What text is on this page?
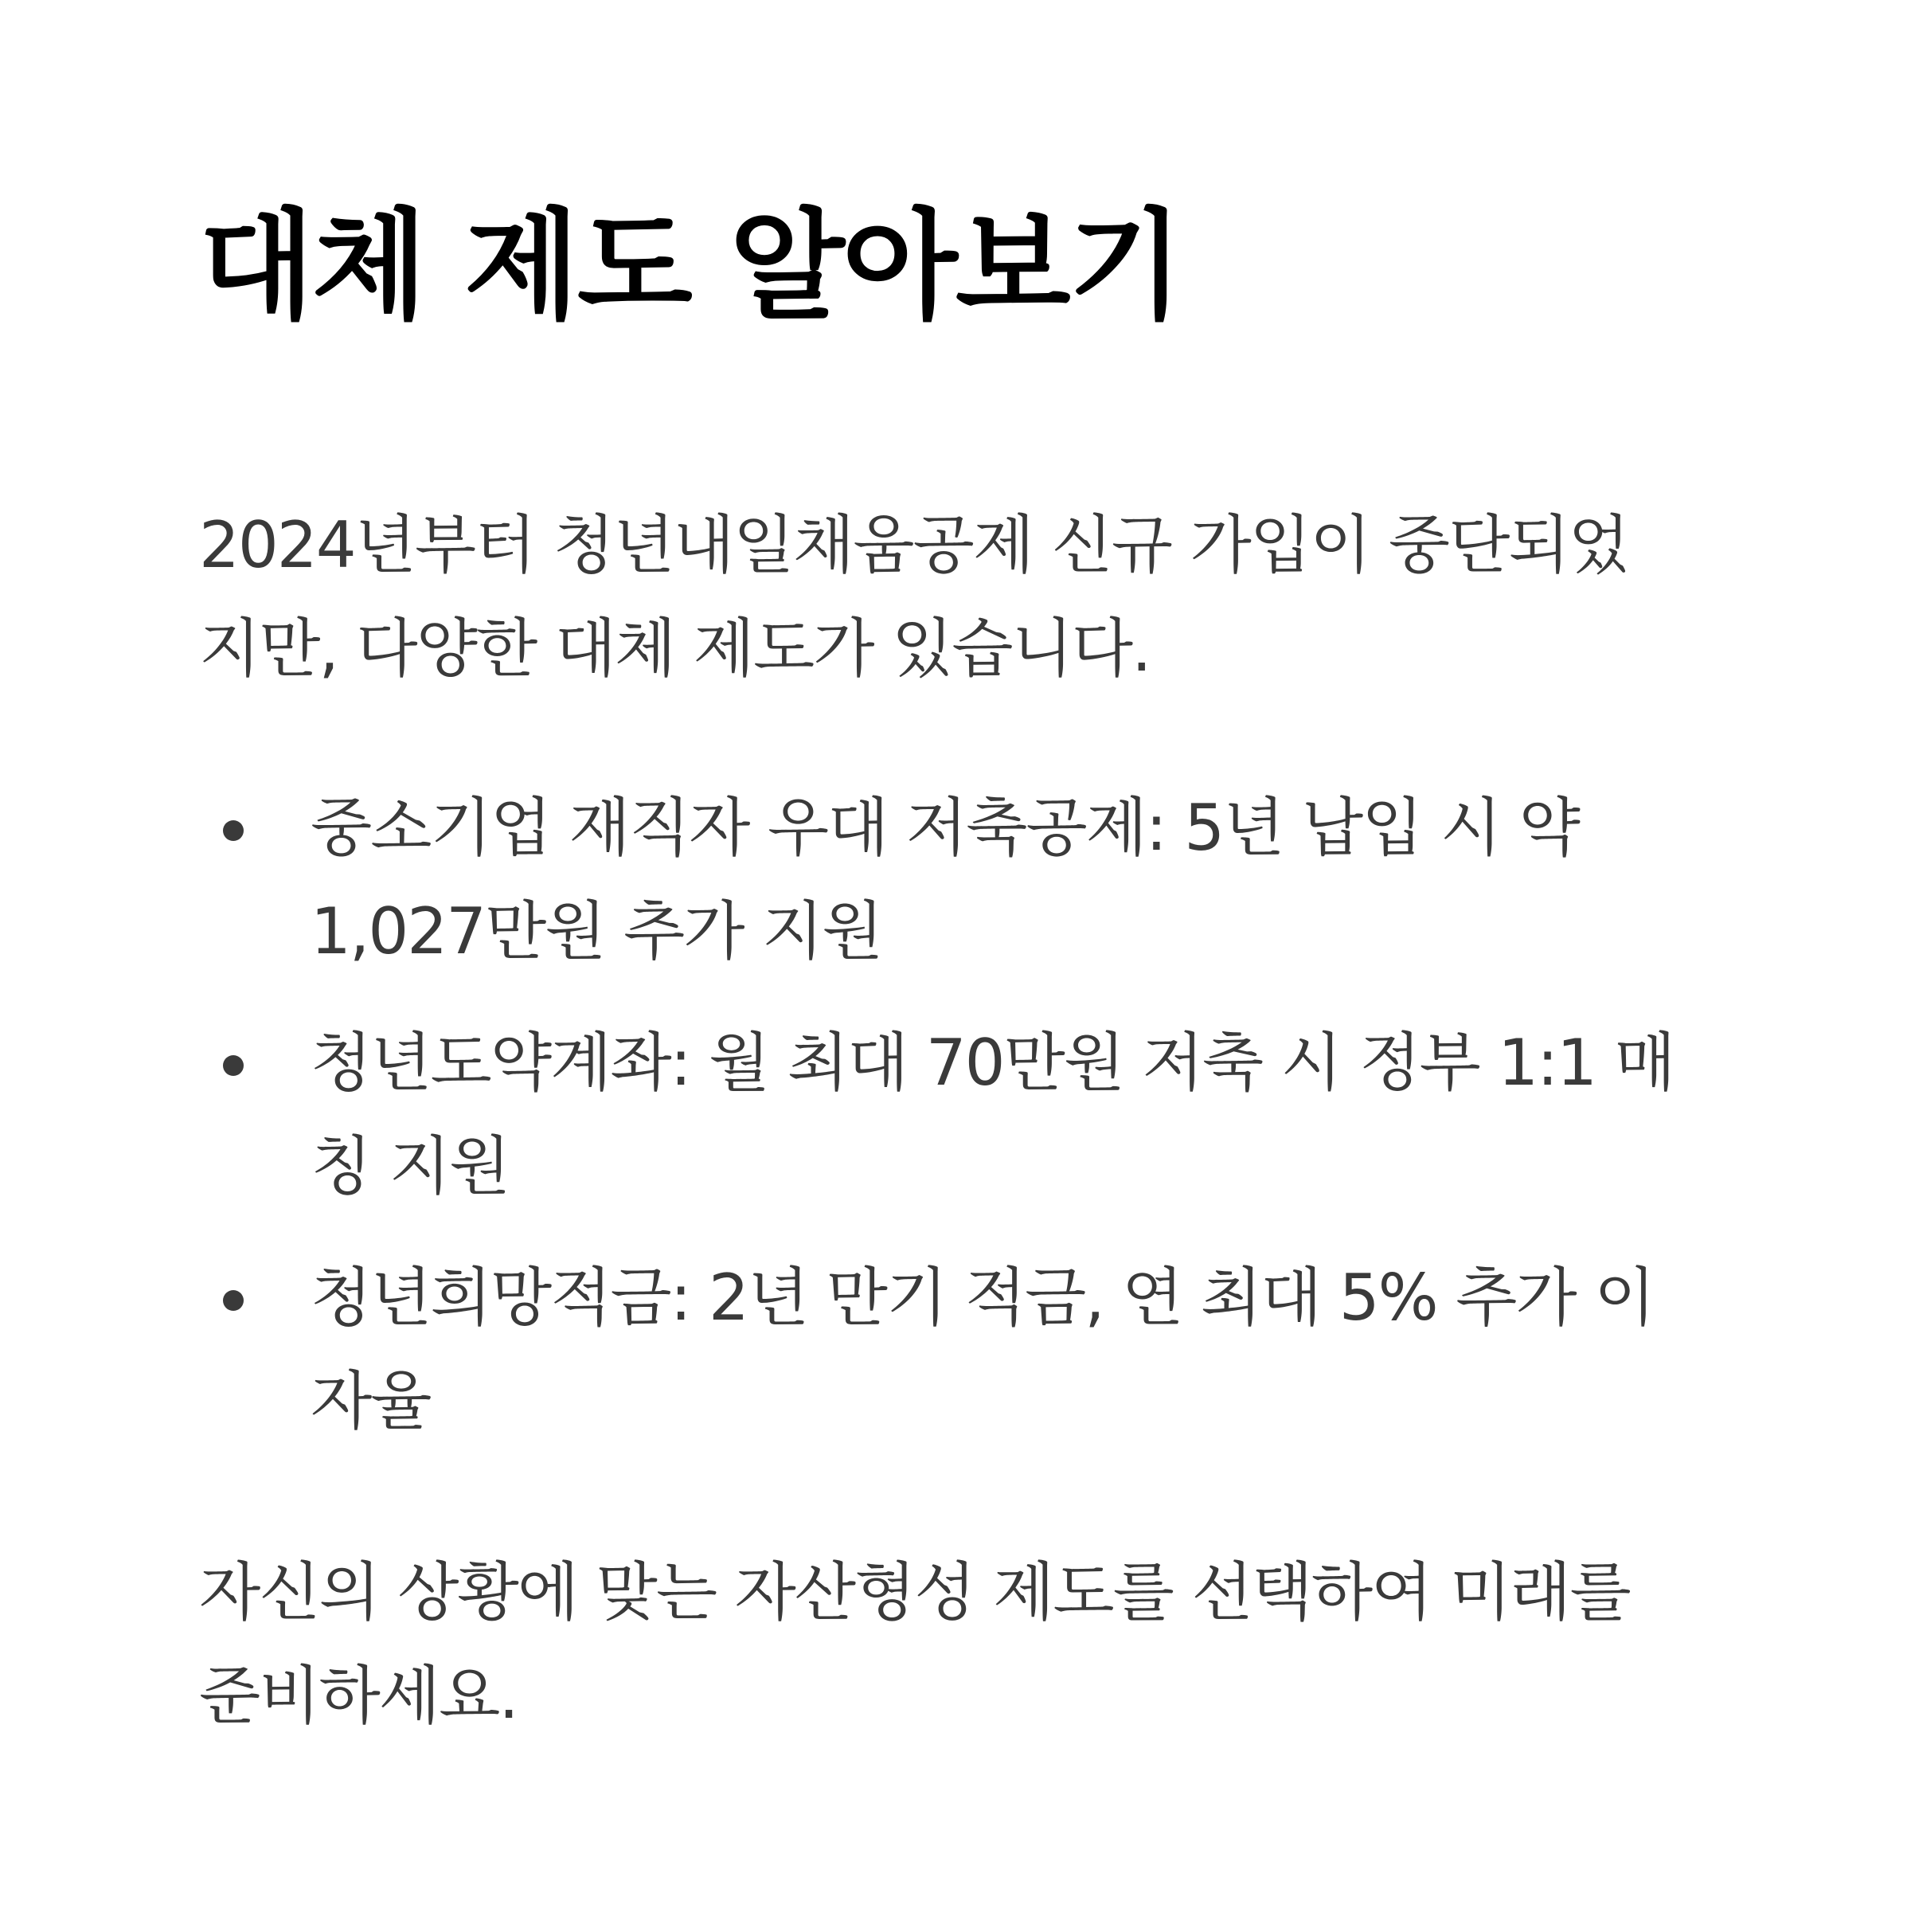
대체 제도 알아보기

2024년부터 청년내일채움공제 신규 가입이 중단되었
지만, 다양한 대체 제도가 있습니다.

중소기업 재직자 우대 저축공제: 5년 납입 시 약
1,027만원 추가 지원
청년도약계좌: 월 최대 70만원 저축 시 정부 1:1 매
칭 지원
청년희망적금: 2년 만기 적금, 연 최대 5% 추가 이
자율

자신의 상황에 맞는 자산형성 제도를 선택하여 미래를
준비하세요.
